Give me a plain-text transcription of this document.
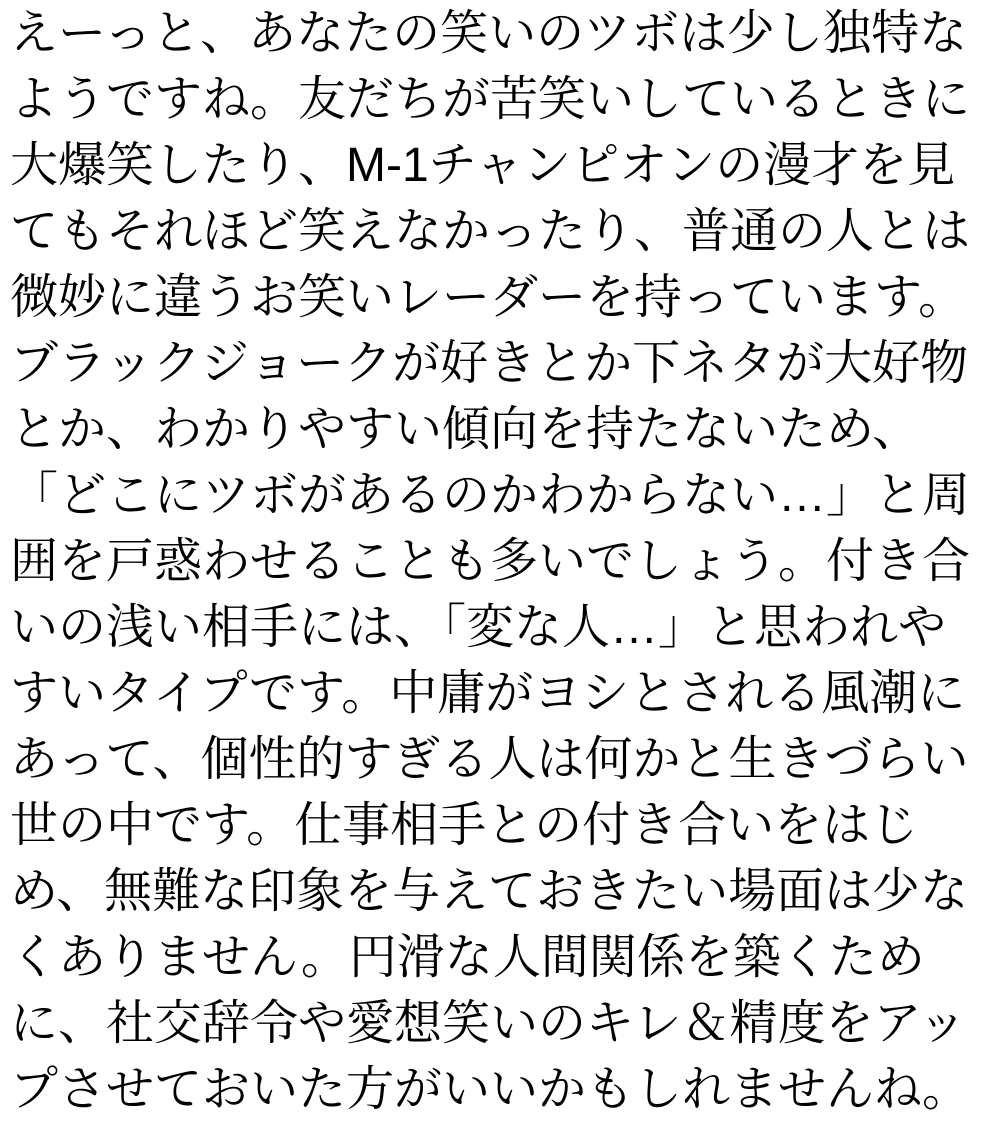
えーっと、あなたの笑いのツボは少し独特な
ようですね。友だちが苦笑いしているときに
大爆笑したり、M-1チャンピオンの漫才を見
てもそれほど笑えなかったり、普通の人とは
微妙に違うお笑いレーダーを持っています。
ブラックジョークが好きとか下ネタが大好物
とか、わかりやすい傾向を持たないため、
「どこにツボがあるのかわからない…」と周
囲を戸惑わせることも多いでしょう。付き合
いの浅い相手には、「変な人…」と思われや
すいタイプです。中庸がヨシとされる風潮に
あって、個性的すぎる人は何かと生きづらい
世の中です。仕事相手との付き合いをはじ
め、無難な印象を与えておきたい場面は少な
くありません。円滑な人間関係を築くため
に、社交辞令や愛想笑いのキレ＆精度をアッ
プさせておいた方がいいかもしれませんね。
